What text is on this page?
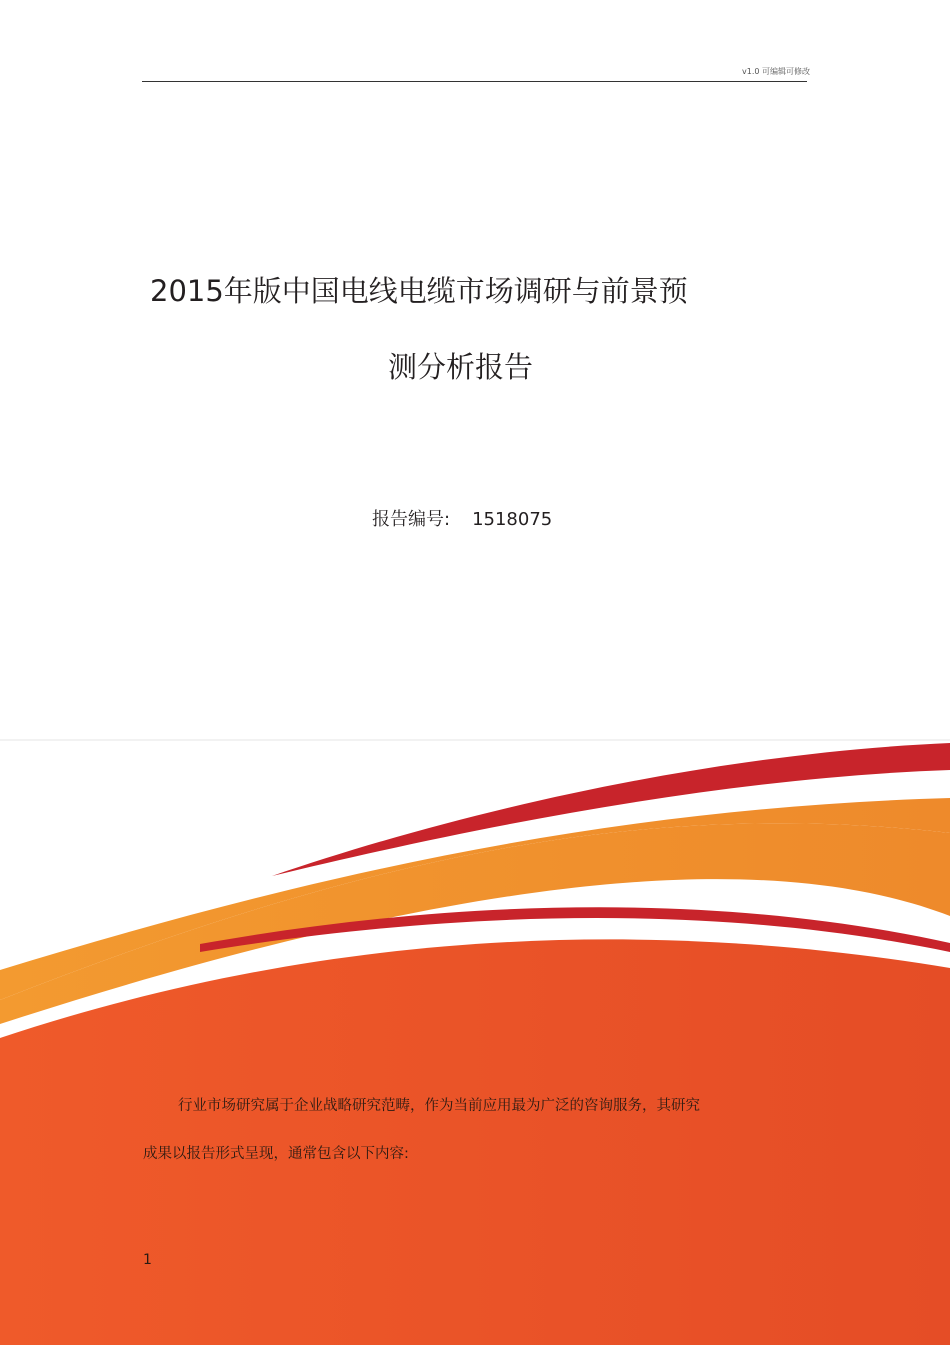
v1.0 可编辑可修改
2015年版中国电线电缆市场调研与前景预
测分析报告
报告编号: 1518075

行业市场研究属于企业战略研究范畴，作为当前应用最为广泛的咨询服务，其研究

成果以报告形式呈现，通常包含以下内容:

1
